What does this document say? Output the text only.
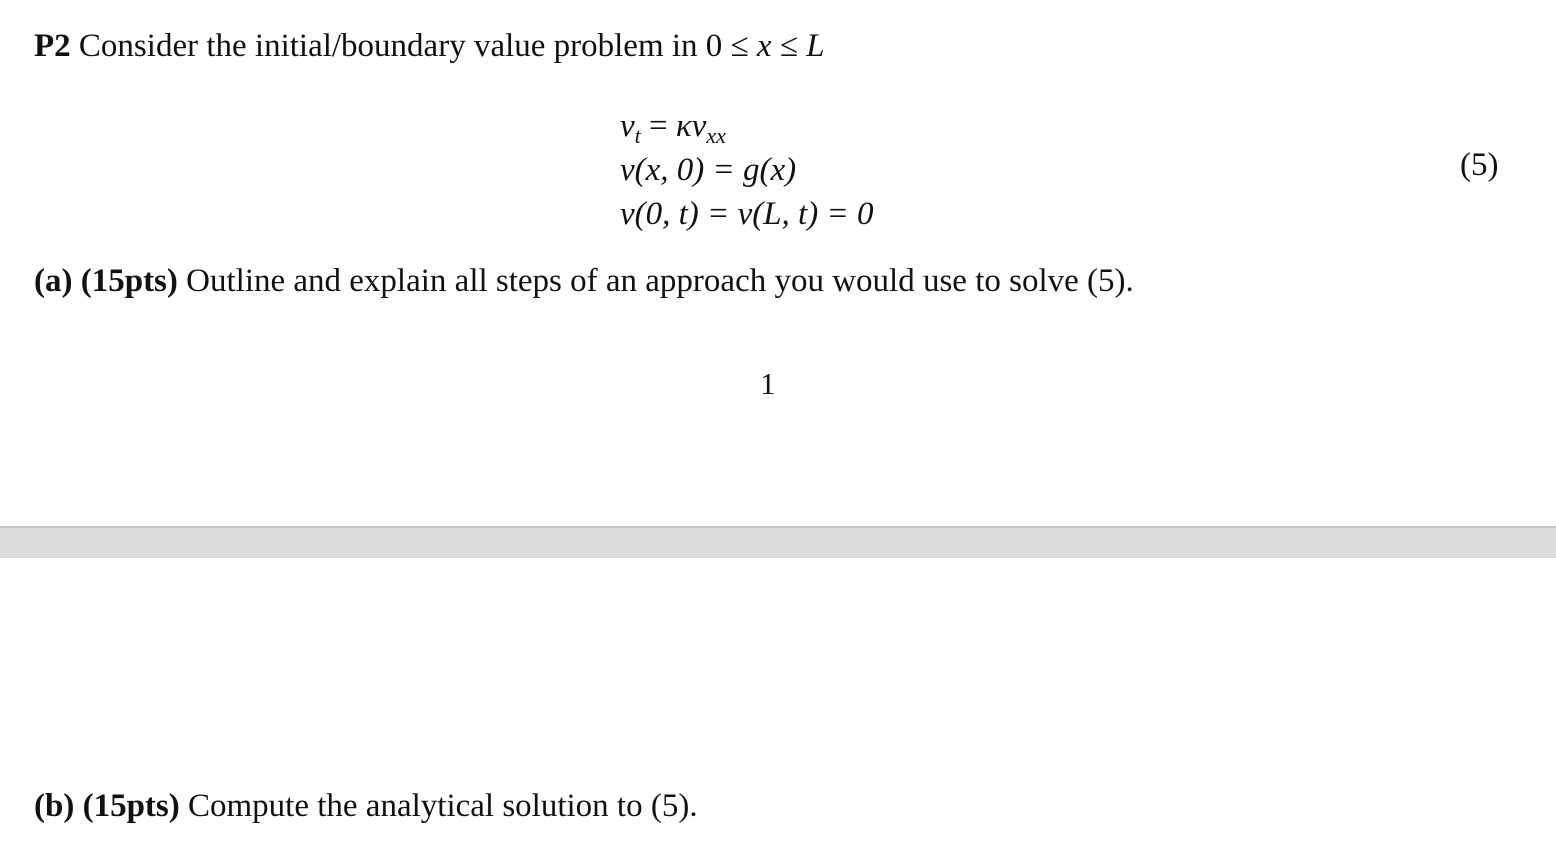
P2 Consider the initial/boundary value problem in 0 ≤ x ≤ L
$v_t = \kappa v_{xx}$
v(x, 0) = g(x)
v(0, t) = v(L, t) = 0
(5)
(a) (15pts) Outline and explain all steps of an approach you would use to solve (5).
1
(b) (15pts) Compute the analytical solution to (5).
